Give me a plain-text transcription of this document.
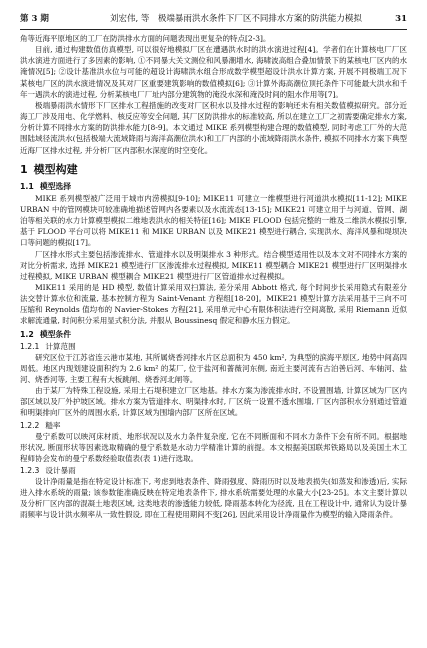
第 3 期	刘宏伟, 等　极端暴雨洪水条件下厂区不同排水方案的防洪能力模拟	31

角等近海平原地区的工厂在防洪排水方面的问题表现出更复杂的特点[2-3]。

目前, 通过构建数值仿真模型, 可以很好地模拟厂区在遭遇洪水时的洪水演进过程[4]。学者们在计算核电厂厂区洪水演进方面进行了多因素的影响, ①不同暴大关文测位和风暴潮增水, 海啸波高组合叠加情景下的某核电厂区内的水淹情况[5]; ②设计基准洪水位与可能的超设计海啸洪水组合形成数学模型超设计洪水计算方案, 开展不同极端工况下某核电厂区的洪水演进情况及其对厂区重要建筑影响的数值模拟[6]; ③计算外海高潮位顶托条件下可能最大洪水和千年一遇洪水的演进过程, 分析某核电厂厂址内部分建筑物的淹没水深和淹没时间的阻水作用等[7]。

极端暴雨洪水情形下厂区排水工程措施的改变对厂区积水以及排水过程的影响还未有相关数值模拟研究。部分近海工厂涉及用电、化学燃料、核反应等安全问题, 其厂区防洪排水的标准较高, 所以在建立工厂之初需要确定排水方案, 分析计算不同排水方案的防洪排水能力[8-9]。本文通过 MIKE 系列模型构建合理的数值模型, 同时考虑工厂外的大范围陆域径流洪水(包括极端大流域降雨与海洋高潮位洪水)和工厂内部的小流域降雨洪水条件, 模拟不同排水方案下典型近海厂区排水过程, 并分析厂区内部积水深度的时空变化。

1 模型构建
1.1 模型选择

MIKE 系列模型被广泛用于城市内涝模拟[9-10]; MIKE11 可建立一维模型进行河道洪水模拟[11-12]; MIKE URBAN 中的管网模块可较准确地描述管网内各要素以及水流流态[13-15]; MIKE21 可建立用于与河道、管网、湖泊等相关联的水力计算模型模拟二维地表洪水的相关特征[16]; MIKE FLOOD 包括完整的一维及二维洪水模拟引擎, 基于 FLOOD 平台可以将 MIKE11 和 MIKE URBAN 以及 MIKE21 模型进行耦合, 实现洪水、海洋风暴和堤坝决口等问题的模拟[17]。

厂区排水形式主要包括渗流排水、管道排水以及明渠排水 3 种形式。结合模型适用性以及本文对不同排水方案的对比分析需求, 选择 MIKE21 模型进行厂区渗流排水过程模拟, MIKE11 模型耦合 MIKE21 模型进行厂区明渠排水过程模拟, MIKE URBAN 模型耦合 MIKE21 模型进行厂区管道排水过程模拟。

MIKE11 采用的是 HD 模型, 数值计算采用双扫算法, 差分采用 Abbott 格式, 每个时间步长采用隐式有限差分法交替计算水位和流量, 基本控制方程为 Saint-Venant 方程组[18-20]。MIKE21 模型计算方法采用基于三向不可压缩和 Reynolds 值均布的 Navier-Stokes 方程[21], 采用单元中心有限体积法进行空间离散, 采用 Riemann 近似求解流通量, 时间积分采用显式积分法, 并服从 Boussinesq 假定和静水压力假定。

1.2 模型条件
1.2.1 计算范围

研究区位于江苏省连云港市某地, 其所属烧香河排水片区总面积为 450 km², 为典型的滨海平原区, 地势中间高四周低。地区内现划建设面积约为 2.6 km² 的某厂, 位于盐河和蔷薇河东侧, 南近主要河流有古泊善后河、车轴河、盐河、烧香河等, 主要工程有大板跳闸、烧香河北闸等。

由于某厂为特殊工程设施, 采用土石堤积建立厂区地基。排水方案为渗流排水时, 不设置围墙, 计算区域为厂区内部区域以及厂外护坡区域。排水方案为管道排水、明渠排水时, 厂区统一设置不透水围墙, 厂区内部积水分别通过管道和明渠排向厂区外的周围水系, 计算区域为围墙内部厂区所在区域。

1.2.2 糙率

曼宁系数可以映河床材质、地形状况以及水力条件复杂度, 它在不同断面和不同水力条件下会有所不同。根据地形状况, 断面形状等因素选取精确的曼宁系数是水动力学精准计算的前提。本文根据美国联邦铁路局以及美国土木工程师协会发布的曼宁系数经验取值表(表 1)进行选取。

1.2.3 设计暴雨

设计净雨量是指在特定设计标准下, 考虑到地表条件、降雨强度、降雨历时以及地表损失(如蒸发和渗透)后, 实际进入排水系统的雨量; 该参数能准确反映在特定地表条件下, 排水系统需要处理的水量大小[23-25]。本文主要计算以及分析厂区内部的混凝土地表区域, 这类地表的渗透能力较低, 降雨基本转化为径流, 且在工程设计中, 通常认为设计暴雨频率与设计洪水频率从一致性假设, 即在工程使用期间不变[26], 因此采用设计净雨量作为模型的输入降雨条件。
